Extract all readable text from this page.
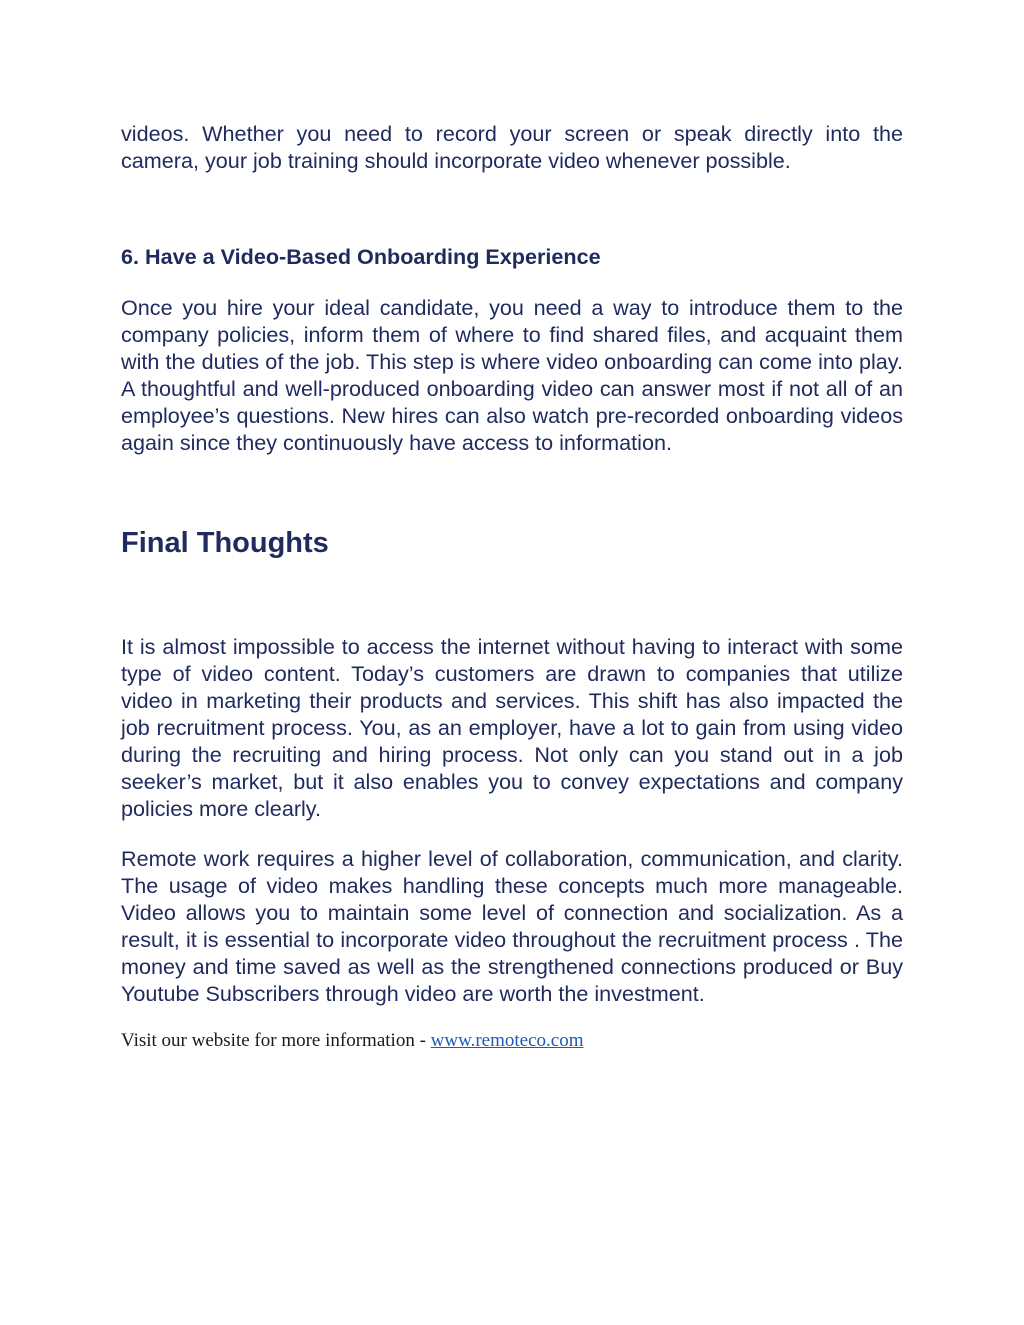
videos. Whether you need to record your screen or speak directly into the camera, your job training should incorporate video whenever possible.

6. Have a Video-Based Onboarding Experience

Once you hire your ideal candidate, you need a way to introduce them to the company policies, inform them of where to find shared files, and acquaint them with the duties of the job. This step is where video onboarding can come into play. A thoughtful and well-produced onboarding video can answer most if not all of an employee’s questions. New hires can also watch pre-recorded onboarding videos again since they continuously have access to information.

Final Thoughts

It is almost impossible to access the internet without having to interact with some type of video content. Today’s customers are drawn to companies that utilize video in marketing their products and services. This shift has also impacted the job recruitment process. You, as an employer, have a lot to gain from using video during the recruiting and hiring process. Not only can you stand out in a job seeker’s market, but it also enables you to convey expectations and company policies more clearly.

Remote work requires a higher level of collaboration, communication, and clarity. The usage of video makes handling these concepts much more manageable. Video allows you to maintain some level of connection and socialization. As a result, it is essential to incorporate video throughout the recruitment process . The money and time saved as well as the strengthened connections produced or Buy Youtube Subscribers through video are worth the investment.

Visit our website for more information - www.remoteco.com
